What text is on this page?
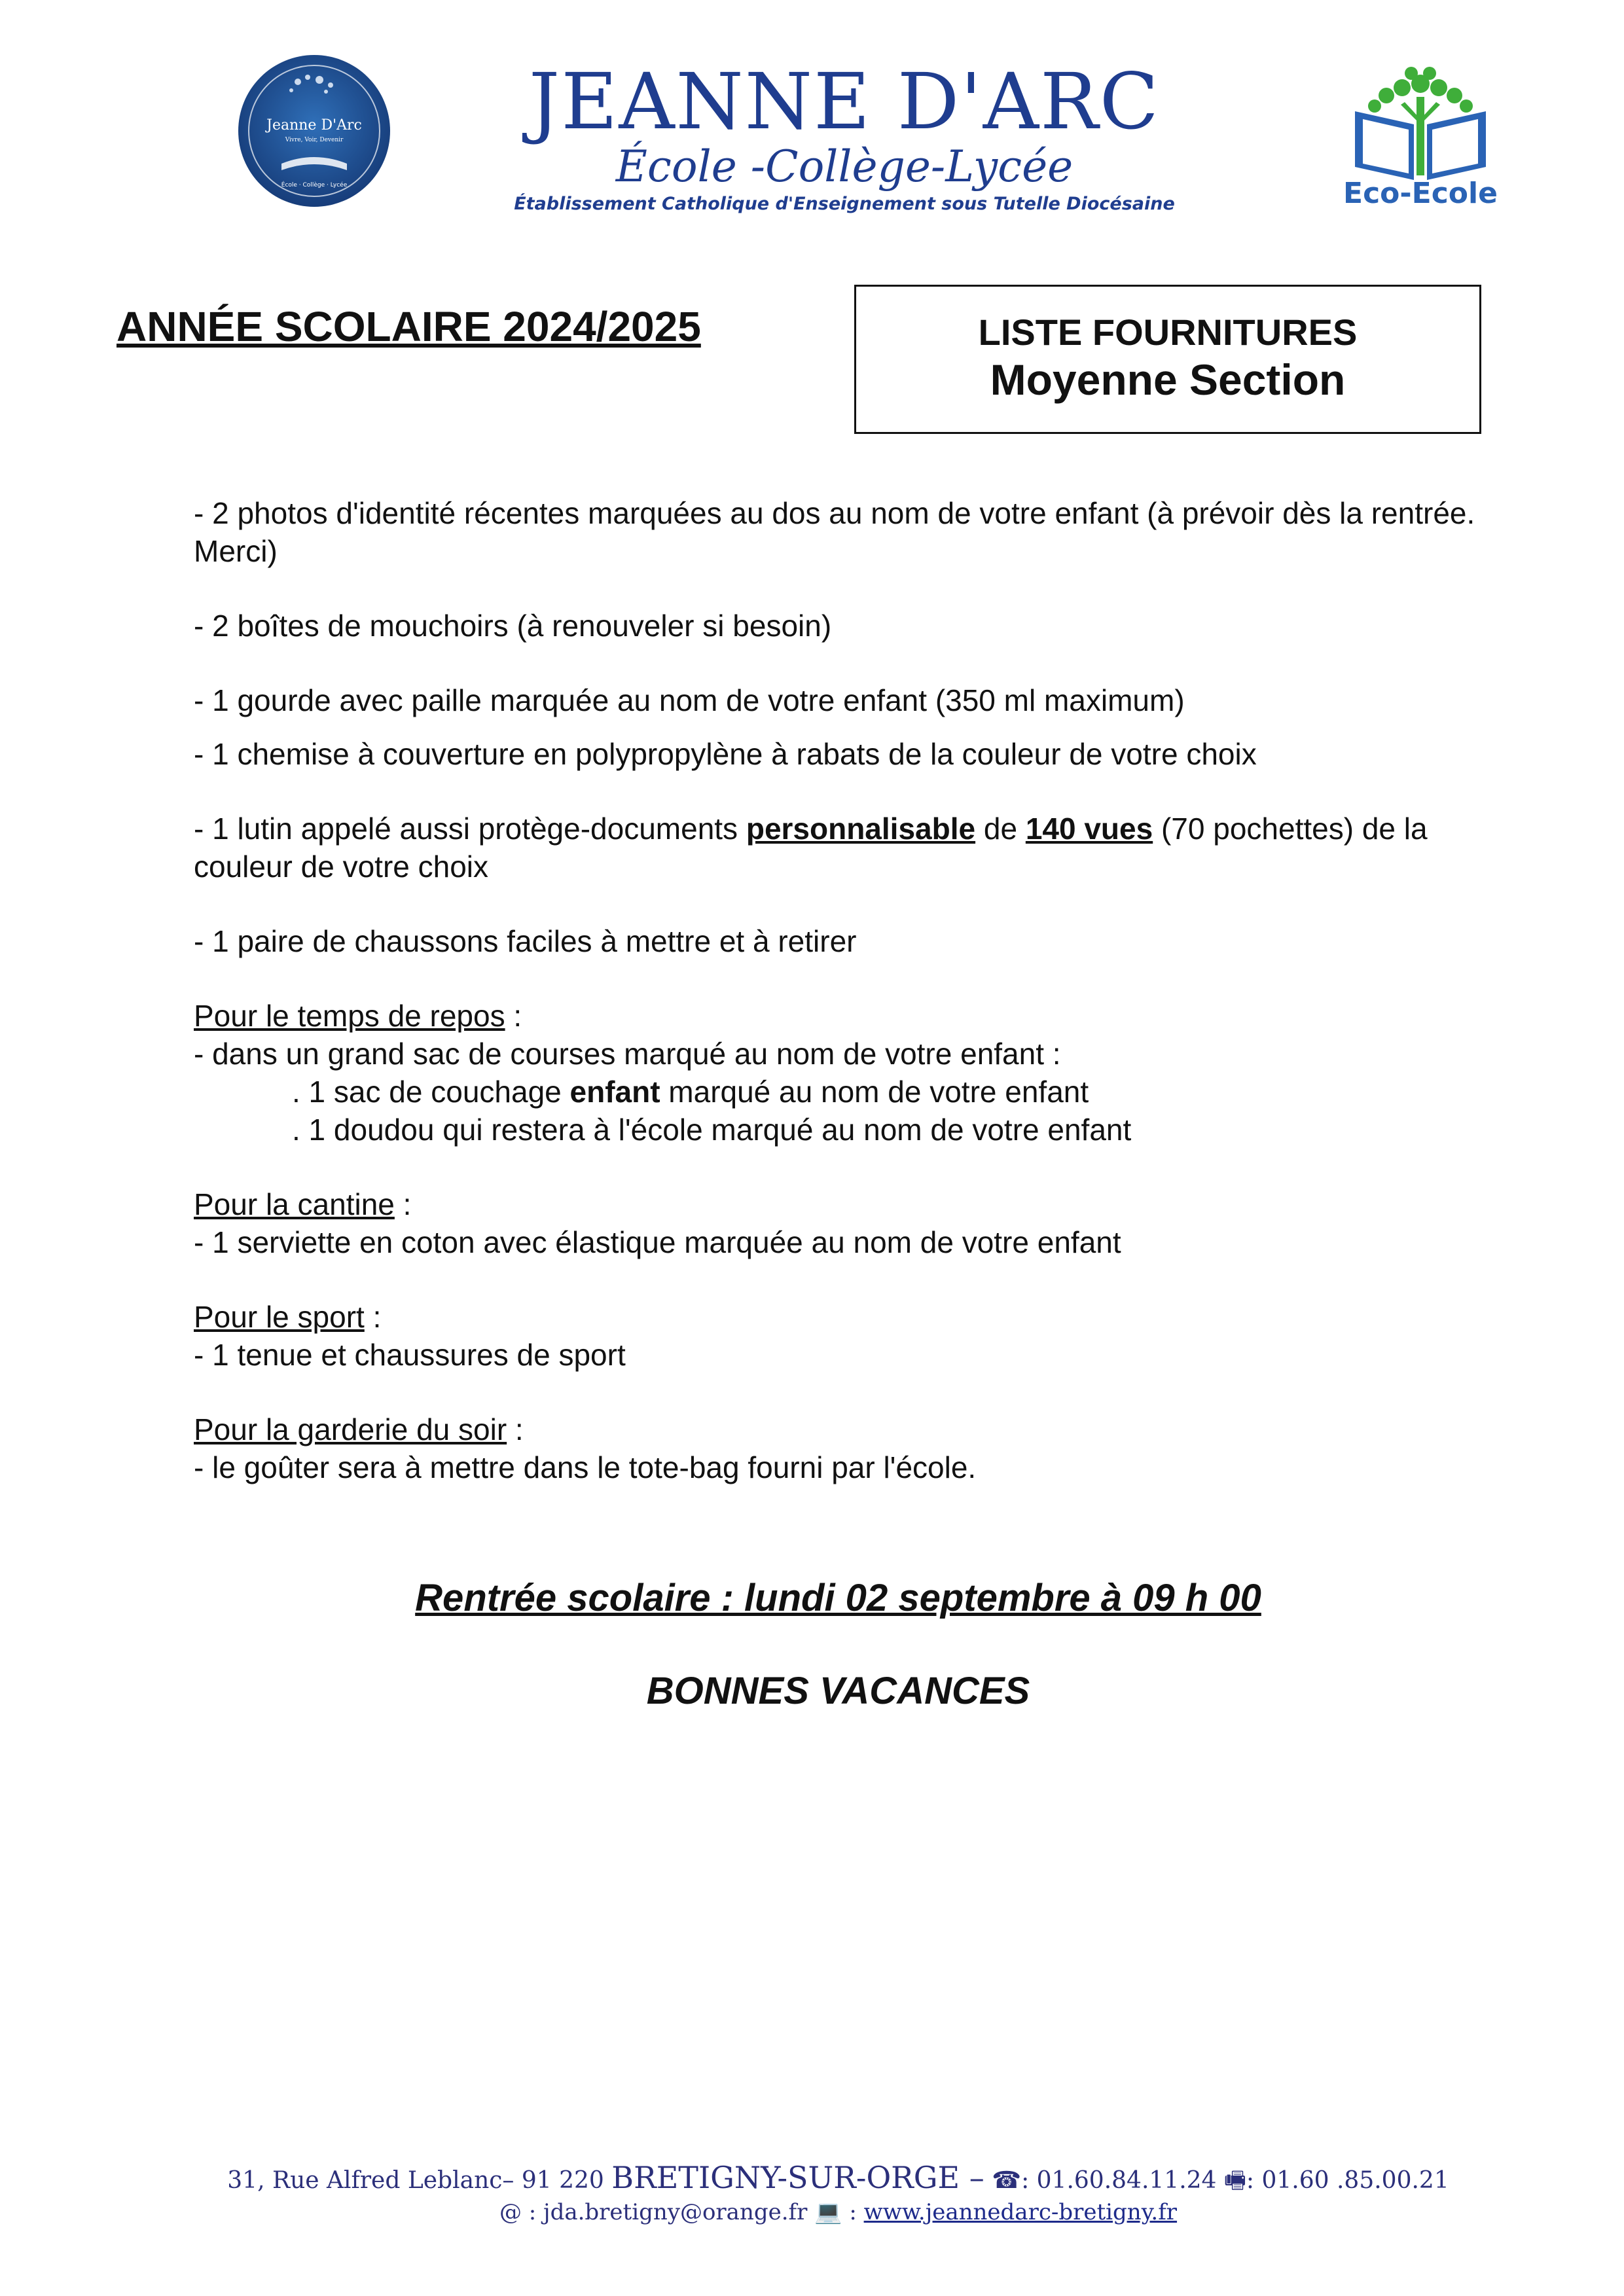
Jeanne D'Arc
Vivre, Voir, Devenir
École · Collège · Lycée
JEANNE D'ARC
École -Collège-Lycée
Établissement Catholique d'Enseignement sous Tutelle Diocésaine	Eco-Ecole
ANNÉE SCOLAIRE 2024/2025	LISTE FOURNITURES
Moyenne Section

- 2 photos d'identité récentes marquées au dos au nom de votre enfant (à prévoir dès la rentrée. Merci)

- 2 boîtes de mouchoirs (à renouveler si besoin)

- 1 gourde avec paille marquée au nom de votre enfant (350 ml maximum)

- 1 chemise à couverture en polypropylène à rabats de la couleur de votre choix

- 1 lutin appelé aussi protège-documents personnalisable de 140 vues (70 pochettes) de la couleur de votre choix

- 1 paire de chaussons faciles à mettre et à retirer

Pour le temps de repos :

- dans un grand sac de courses marqué au nom de votre enfant :

. 1 sac de couchage enfant marqué au nom de votre enfant

. 1 doudou qui restera à l'école marqué au nom de votre enfant

Pour la cantine :

- 1 serviette en coton avec élastique marquée au nom de votre enfant

Pour le sport :

- 1 tenue et chaussures de sport

Pour la garderie du soir :

- le goûter sera à mettre dans le tote-bag fourni par l'école.

Rentrée scolaire : lundi 02 septembre à 09 h 00
BONNES VACANCES
31, Rue Alfred Leblanc– 91 220 BRETIGNY-SUR-ORGE – ☎: 01.60.84.11.24 🖷: 01.60 .85.00.21
@ : jda.bretigny@orange.fr 💻 : www.jeannedarc-bretigny.fr
